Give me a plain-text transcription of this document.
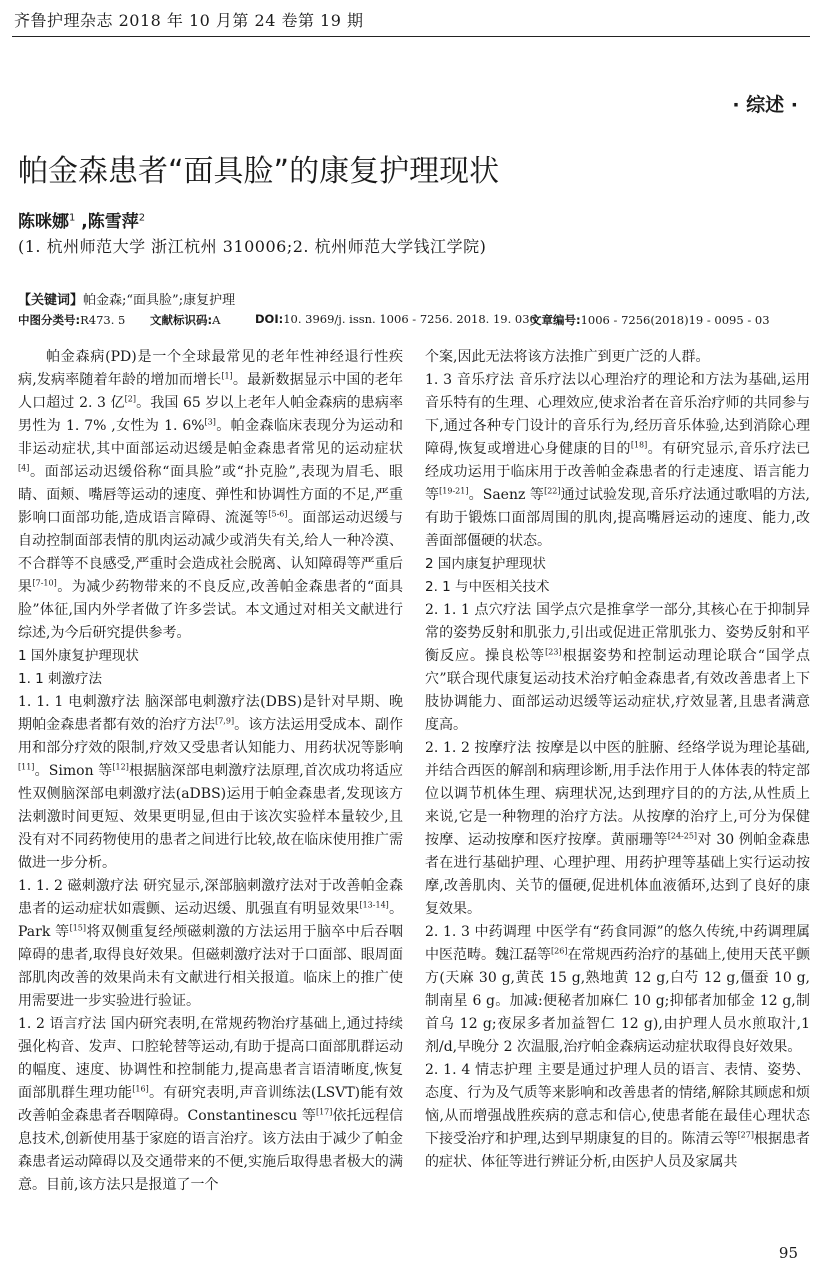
齐鲁护理杂志 2018 年 10 月第 24 卷第 19 期
· 综述 ·
帕金森患者“面具脸”的康复护理现状
陈咪娜$^1$ ,陈雪萍$^2$
(1. 杭州师范大学 浙江杭州 310006;2. 杭州师范大学钱江学院)
【关键词】帕金森;“面具脸”;康复护理
中图分类号:R473. 5	文献标识码:A	DOI:10. 3969/j. issn. 1006 - 7256. 2018. 19. 036
文章编号:1006 - 7256(2018)19 - 0095 - 03

帕金森病(PD)是一个全球最常见的老年性神经退行性疾病,发病率随着年龄的增加而增长[1]。最新数据显示中国的老年人口超过 2. 3 亿[2]。我国 65 岁以上老年人帕金森病的患病率男性为 1. 7% ,女性为 1. 6%[3]。帕金森临床表现分为运动和非运动症状,其中面部运动迟缓是帕金森患者常见的运动症状[4]。面部运动迟缓俗称“面具脸”或“扑克脸”,表现为眉毛、眼睛、面颊、嘴唇等运动的速度、弹性和协调性方面的不足,严重影响口面部功能,造成语言障碍、流涎等[5-6]。面部运动迟缓与自动控制面部表情的肌肉运动减少或消失有关,给人一种冷漠、不合群等不良感受,严重时会造成社会脱离、认知障碍等严重后果[7-10]。为减少药物带来的不良反应,改善帕金森患者的“面具脸”体征,国内外学者做了许多尝试。本文通过对相关文献进行综述,为今后研究提供参考。

1 国外康复护理现状

1. 1 刺激疗法

1. 1. 1 电刺激疗法 脑深部电刺激疗法(DBS)是针对早期、晚期帕金森患者都有效的治疗方法[7,9]。该方法运用受成本、副作用和部分疗效的限制,疗效又受患者认知能力、用药状况等影响[11]。Simon 等[12]根据脑深部电刺激疗法原理,首次成功将适应性双侧脑深部电刺激疗法(aDBS)运用于帕金森患者,发现该方法刺激时间更短、效果更明显,但由于该次实验样本量较少,且没有对不同药物使用的患者之间进行比较,故在临床使用推广需做进一步分析。

1. 1. 2 磁刺激疗法 研究显示,深部脑刺激疗法对于改善帕金森患者的运动症状如震颤、运动迟缓、肌强直有明显效果[13-14]。Park 等[15]将双侧重复经颅磁刺激的方法运用于脑卒中后吞咽障碍的患者,取得良好效果。但磁刺激疗法对于口面部、眼周面部肌肉改善的效果尚未有文献进行相关报道。临床上的推广使用需要进一步实验进行验证。

1. 2 语言疗法 国内研究表明,在常规药物治疗基础上,通过持续强化构音、发声、口腔轮替等运动,有助于提高口面部肌群运动的幅度、速度、协调性和控制能力,提高患者言语清晰度,恢复面部肌群生理功能[16]。有研究表明,声音训练法(LSVT)能有效改善帕金森患者吞咽障碍。Constantinescu 等[17]依托远程信息技术,创新使用基于家庭的语言治疗。该方法由于减少了帕金森患者运动障碍以及交通带来的不便,实施后取得患者极大的满意。目前,该方法只是报道了一个

个案,因此无法将该方法推广到更广泛的人群。

1. 3 音乐疗法 音乐疗法以心理治疗的理论和方法为基础,运用音乐特有的生理、心理效应,使求治者在音乐治疗师的共同参与下,通过各种专门设计的音乐行为,经历音乐体验,达到消除心理障碍,恢复或增进心身健康的目的[18]。有研究显示,音乐疗法已经成功运用于临床用于改善帕金森患者的行走速度、语言能力等[19-21]。Saenz 等[22]通过试验发现,音乐疗法通过歌唱的方法,有助于锻炼口面部周围的肌肉,提高嘴唇运动的速度、能力,改善面部僵硬的状态。

2 国内康复护理现状

2. 1 与中医相关技术

2. 1. 1 点穴疗法 国学点穴是推拿学一部分,其核心在于抑制异常的姿势反射和肌张力,引出或促进正常肌张力、姿势反射和平衡反应。操良松等[23]根据姿势和控制运动理论联合“国学点穴”联合现代康复运动技术治疗帕金森患者,有效改善患者上下肢协调能力、面部运动迟缓等运动症状,疗效显著,且患者满意度高。

2. 1. 2 按摩疗法 按摩是以中医的脏腑、经络学说为理论基础,并结合西医的解剖和病理诊断,用手法作用于人体体表的特定部位以调节机体生理、病理状况,达到理疗目的的方法,从性质上来说,它是一种物理的治疗方法。从按摩的治疗上,可分为保健按摩、运动按摩和医疗按摩。黄丽珊等[24-25]对 30 例帕金森患者在进行基础护理、心理护理、用药护理等基础上实行运动按摩,改善肌肉、关节的僵硬,促进机体血液循环,达到了良好的康复效果。

2. 1. 3 中药调理 中医学有“药食同源”的悠久传统,中药调理属中医范畴。魏江磊等[26]在常规西药治疗的基础上,使用天芪平颤方(天麻 30 g,黄芪 15 g,熟地黄 12 g,白芍 12 g,僵蚕 10 g,制南星 6 g。加减:便秘者加麻仁 10 g;抑郁者加郁金 12 g,制首乌 12 g;夜尿多者加益智仁 12 g),由护理人员水煎取汁,1 剂/d,早晚分 2 次温服,治疗帕金森病运动症状取得良好效果。

2. 1. 4 情志护理 主要是通过护理人员的语言、表情、姿势、态度、行为及气质等来影响和改善患者的情绪,解除其顾虑和烦恼,从而增强战胜疾病的意志和信心,使患者能在最佳心理状态下接受治疗和护理,达到早期康复的目的。陈清云等[27]根据患者的症状、体征等进行辨证分析,由医护人员及家属共

95
